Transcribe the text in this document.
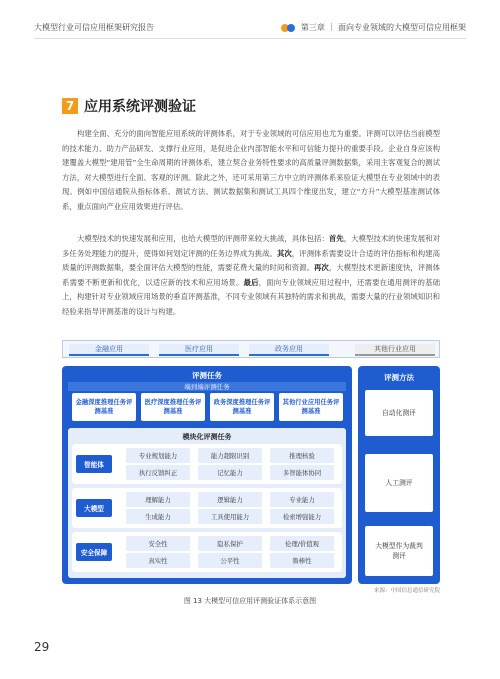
大模型行业可信应用框架研究报告	第三章 ｜ 面向专业领域的大模型可信应用框架
7 应用系统评测验证

构建全面、充分的面向智能应用系统的评测体系，对于专业领域的可信应用也尤为重要。评测可以评估当前模型的技术能力、助力产品研发、支撑行业应用，是促进企业内部智能水平和可信能力提升的重要手段。企业自身应该构建覆盖大模型“建用管”全生命周期的评测体系，建立契合业务特性要求的高质量评测数据集，采用主客观复合的测试方法，对大模型进行全面、客观的评测。除此之外，还可采用第三方中立的评测体系来验证大模型在专业领域中的表现。例如中国信通院从指标体系、测试方法、测试数据集和测试工具四个维度出发，建立“方升”大模型基准测试体系，重点面向产业应用效果进行评估。

大模型技术的快速发展和应用，也给大模型的评测带来较大挑战，具体包括：首先，大模型技术的快速发展和对多任务处理能力的提升，使得如何划定评测的任务边界成为挑战。其次，评测体系需要设计合适的评估指标和构建高质量的评测数据集，要全面评估大模型的性能，需要花费大量的时间和资源。再次，大模型技术更新速度快，评测体系需要不断更新和优化，以适应新的技术和应用场景。最后，面向专业领域应用过程中，还需要在通用测评的基础上，构建针对专业领域应用场景的垂直评测基准，不同专业领域有其独特的需求和挑战，需要大量的行业领域知识和经验来指导评测基准的设计与构建。

金融应用	医疗应用	政务应用	其他行业应用
评测任务
端到端评测任务
金融深度推理任务评测基准
医疗深度推理任务评测基准
政务深度推理任务评测基准
其他行业应用任务评测基准
模块化评测任务
智能体
专业规划能力	能力超限识别	推理核验
执行反馈纠正	记忆能力	多智能体协同
大模型
理解能力	逻辑能力	专业能力
生成能力	工具使用能力	检索增强能力
安全保障
安全性	隐私保护	伦理/价值观
真实性	公平性	鲁棒性
评测方法
自动化测评
人工测评
大模型作为裁判测评
来源：中国信息通信研究院
图 13 大模型可信应用评测验证体系示意图
29
